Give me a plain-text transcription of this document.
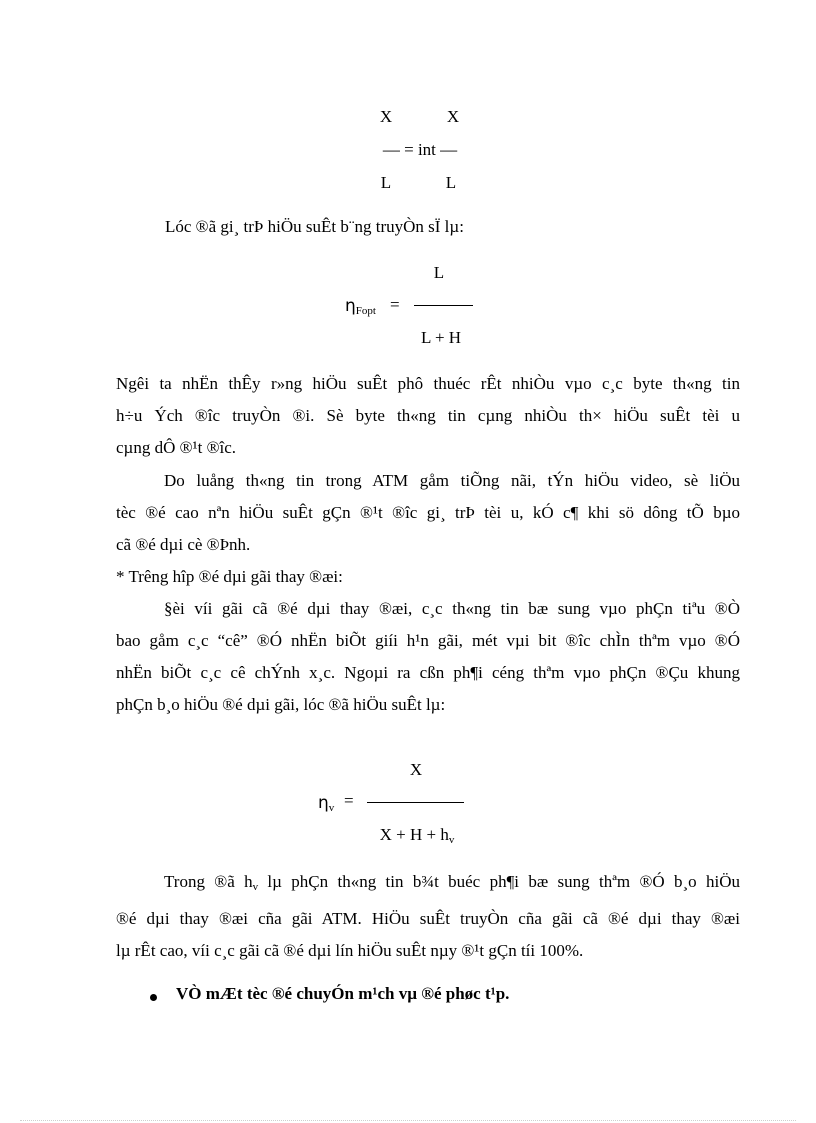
X	X
— = int —
L	L
Lóc ®ã gi¸ trÞ hiÖu suÊt b¨ng truyÒn sÏ lµ:
$\eta_{Fopt}$ =
L
L + H
Ngêi ta nhËn thÊy r»ng hiÖu suÊt phô thuéc rÊt nhiÒu vµo c¸c byte th«ng tin
h÷u Ých ®îc truyÒn ®i. Sè byte th«ng tin cµng nhiÒu th× hiÖu suÊt tèi u
cµng dÔ ®¹t ®îc.
Do luång th«ng tin trong ATM gåm tiÕng nãi, tÝn hiÖu video, sè liÖu
tèc ®é cao nªn hiÖu suÊt gÇn ®¹t ®îc gi¸ trÞ tèi u, kÓ c¶ khi sö dông tÕ bµo
cã ®é dµi cè ®Þnh.
* Trêng hîp ®é dµi gãi thay ®æi:
§èi víi gãi cã ®é dµi thay ®æi, c¸c th«ng tin bæ sung vµo phÇn tiªu ®Ò
bao gåm c¸c “cê” ®Ó nhËn biÕt giíi h¹n gãi, mét vµi bit ®îc chÌn thªm vµo ®Ó
nhËn biÕt c¸c cê chÝnh x¸c. Ngoµi ra cßn ph¶i céng thªm vµo phÇn ®Çu khung
phÇn b¸o hiÖu ®é dµi gãi, lóc ®ã hiÖu suÊt lµ:
$\eta_v$ =
X
$X + H + h_v$
Trong ®ã $h_v$ lµ phÇn th«ng tin b¾t buéc ph¶i bæ sung thªm ®Ó b¸o hiÖu
®é dµi thay ®æi cña gãi ATM. HiÖu suÊt truyÒn cña gãi cã ®é dµi thay ®æi
lµ rÊt cao, víi c¸c gãi cã ®é dµi lín hiÖu suÊt nµy ®¹t gÇn tíi 100%.
VÒ mÆt tèc ®é chuyÓn m¹ch vµ ®é phøc t¹p.
